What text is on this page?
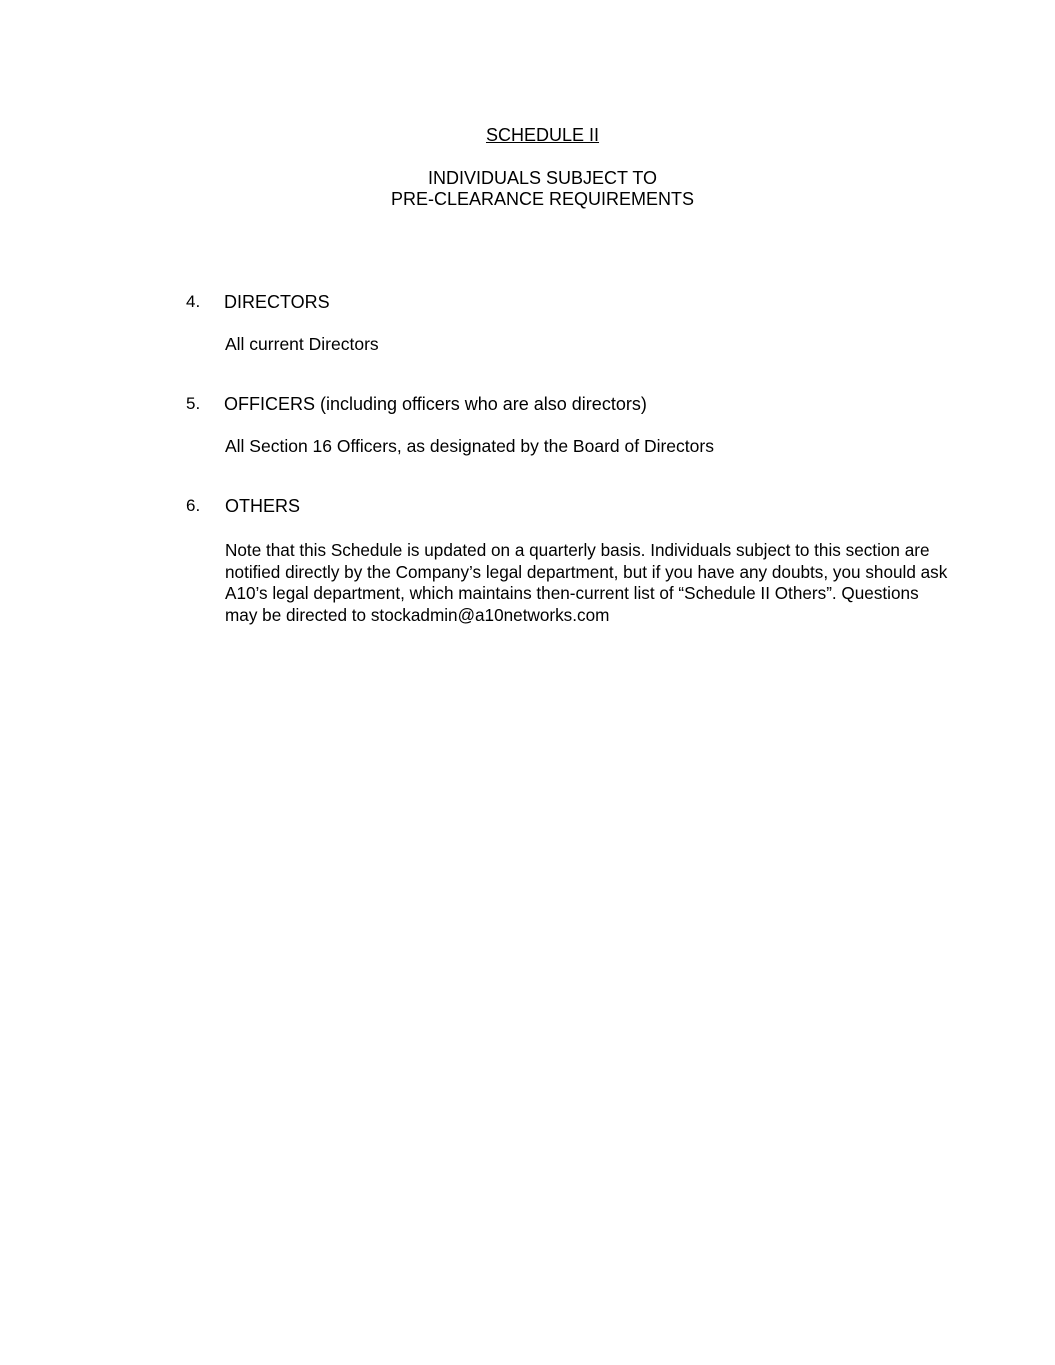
SCHEDULE II
INDIVIDUALS SUBJECT TO
PRE-CLEARANCE REQUIREMENTS
4. DIRECTORS
All current Directors
5. OFFICERS (including officers who are also directors)
All Section 16 Officers, as designated by the Board of Directors
6. OTHERS
Note that this Schedule is updated on a quarterly basis. Individuals subject to this section are
notified directly by the Company’s legal department, but if you have any doubts, you should ask
A10’s legal department, which maintains then-current list of “Schedule II Others”. Questions
may be directed to stockadmin@a10networks.com
